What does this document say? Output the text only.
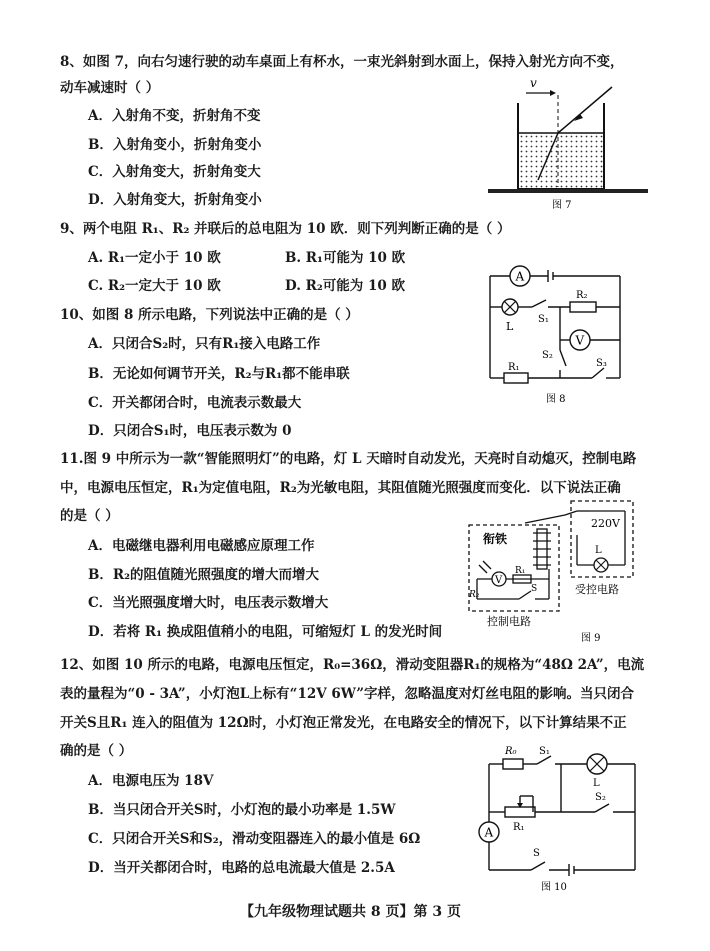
8、如图 7，向右匀速行驶的动车桌面上有杯水，一束光斜射到水面上，保持入射光方向不变，
动车减速时（ ）
A．入射角不变，折射角不变
B．入射角变小，折射角变小
C．入射角变大，折射角变大
D．入射角变大，折射角变小
v
图 7
9、两个电阻 R₁、R₂ 并联后的总电阻为 10 欧．则下列判断正确的是（ ）
A. R₁一定小于 10 欧	B. R₁可能为 10 欧
C. R₂一定大于 10 欧	D. R₂可能为 10 欧
10、如图 8 所示电路，下列说法中正确的是（ ）
A．只闭合S₂时，只有R₁接入电路工作
B．无论如何调节开关，R₂与R₁都不能串联
C．开关都闭合时，电流表示数最大
D．只闭合S₁时，电压表示数为 0
A
L
V
S₁
R₂
S₂
S₃
R₁
图 8
11.图 9 中所示为一款“智能照明灯”的电路，灯 L 天暗时自动发光，天亮时自动熄灭，控制电路
中，电源电压恒定，R₁为定值电阻，R₂为光敏电阻，其阻值随光照强度而变化．以下说法正确
的是（ ）
A．电磁继电器利用电磁感应原理工作
B．R₂的阻值随光照强度的增大而增大
C．当光照强度增大时，电压表示数增大
D．若将 R₁ 换成阻值稍小的电阻，可缩短灯 L 的发光时间
V
L
衔铁
220V
R₁
R₂
S
控制电路
受控电路
图 9
12、如图 10 所示的电路，电源电压恒定，R₀=36Ω，滑动变阻器R₁的规格为“48Ω 2A”，电流
表的量程为“0 - 3A”，小灯泡L上标有“12V 6W”字样，忽略温度对灯丝电阻的影响。当只闭合
开关S且R₁ 连入的阻值为 12Ω时，小灯泡正常发光，在电路安全的情况下，以下计算结果不正
确的是（ ）
A．电源电压为 18V
B．当只闭合开关S时，小灯泡的最小功率是 1.5W
C．只闭合开关S和S₂，滑动变阻器连入的最小值是 6Ω
D．当开关都闭合时，电路的总电流最大值是 2.5A
L
A
R₀ S₁
R₁
S₂
S
图 10
【九年级物理试题共 8 页】第 3 页
